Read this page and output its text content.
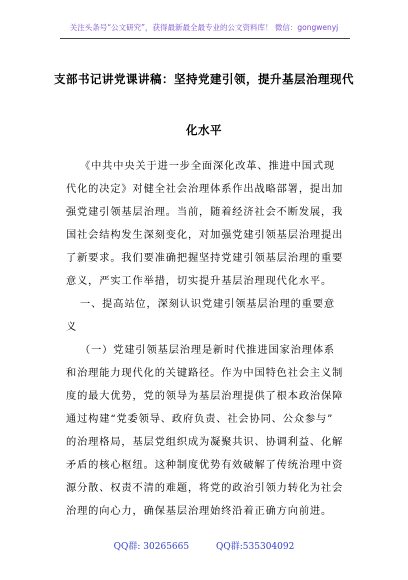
关注头条号“公文研究”，获得最新最全最专业的公文资料库！ 微信：gongwenyj
支部书记讲党课讲稿：坚持党建引领，提升基层治理现代
化水平
《中共中央关于进一步全面深化改革、推进中国式现
代化的决定》对健全社会治理体系作出战略部署，提出加
强党建引领基层治理。当前，随着经济社会不断发展，我
国社会结构发生深刻变化，对加强党建引领基层治理提出
了新要求。我们要准确把握坚持党建引领基层治理的重要
意义，严实工作举措，切实提升基层治理现代化水平。
一、提高站位，深刻认识党建引领基层治理的重要意
义
（一）党建引领基层治理是新时代推进国家治理体系
和治理能力现代化的关键路径。作为中国特色社会主义制
度的最大优势，党的领导为基层治理提供了根本政治保障
通过构建“党委领导、政府负责、社会协同、公众参与”
的治理格局，基层党组织成为凝聚共识、协调利益、化解
矛盾的核心枢纽。这种制度优势有效破解了传统治理中资
源分散、权责不清的难题，将党的政治引领力转化为社会
治理的向心力，确保基层治理始终沿着正确方向前进。
QQ群: 30265665	QQ群:535304092
